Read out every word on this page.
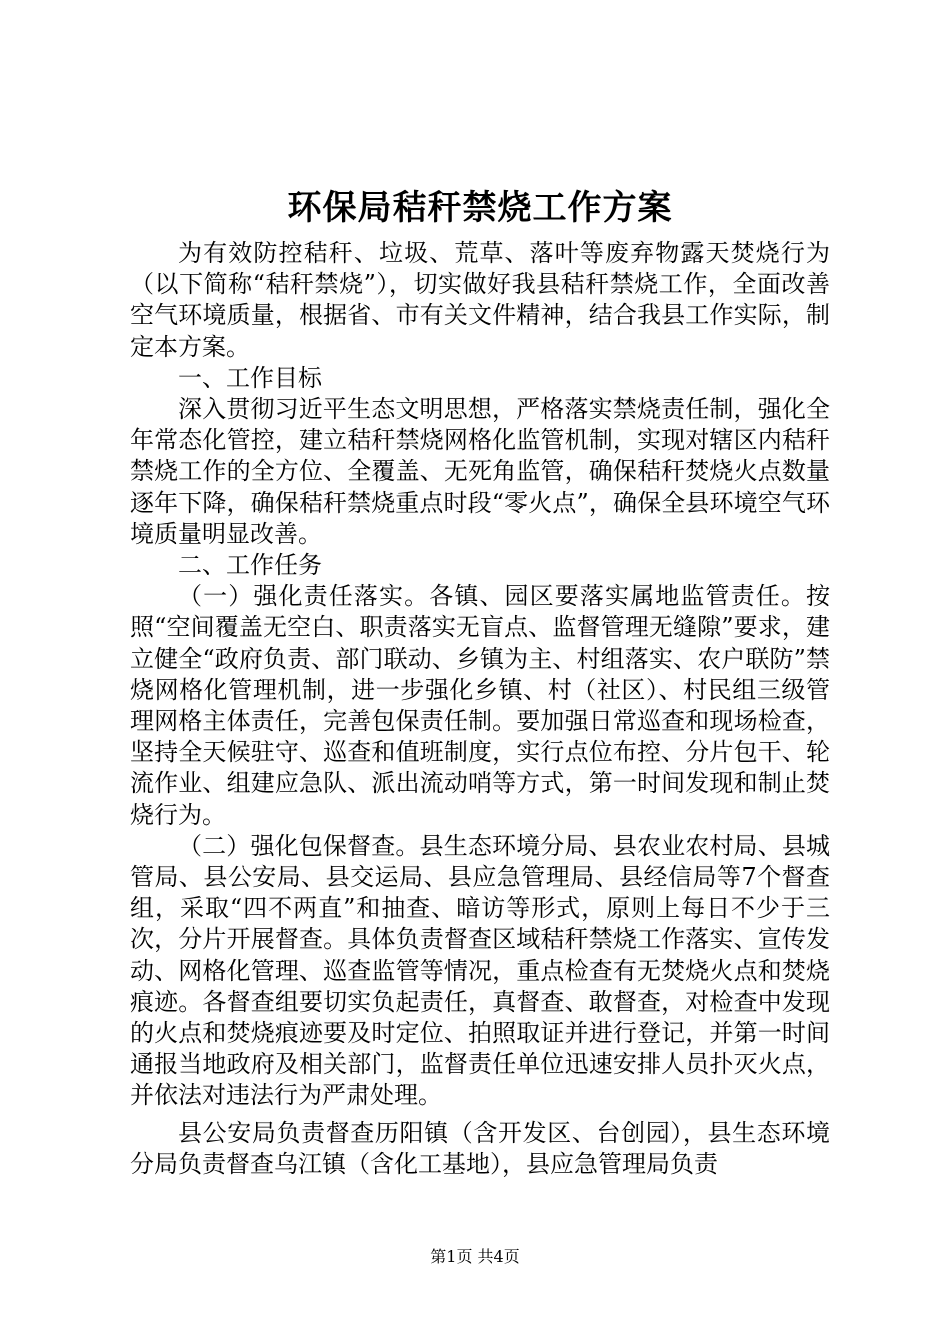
环保局秸秆禁烧工作方案

为有效防控秸秆、垃圾、荒草、落叶等废弃物露天焚烧行为（以下简称“秸秆禁烧”），切实做好我县秸秆禁烧工作，全面改善空气环境质量，根据省、市有关文件精神，结合我县工作实际，制定本方案。

一、工作目标

深入贯彻习近平生态文明思想，严格落实禁烧责任制，强化全年常态化管控，建立秸秆禁烧网格化监管机制，实现对辖区内秸秆禁烧工作的全方位、全覆盖、无死角监管，确保秸秆焚烧火点数量逐年下降，确保秸秆禁烧重点时段“零火点”，确保全县环境空气环境质量明显改善。

二、工作任务

（一）强化责任落实。各镇、园区要落实属地监管责任。按照“空间覆盖无空白、职责落实无盲点、监督管理无缝隙”要求，建立健全“政府负责、部门联动、乡镇为主、村组落实、农户联防”禁烧网格化管理机制，进一步强化乡镇、村（社区）、村民组三级管理网格主体责任，完善包保责任制。要加强日常巡查和现场检查，坚持全天候驻守、巡查和值班制度，实行点位布控、分片包干、轮流作业、组建应急队、派出流动哨等方式，第一时间发现和制止焚烧行为。

（二）强化包保督查。县生态环境分局、县农业农村局、县城管局、县公安局、县交运局、县应急管理局、县经信局等7个督查组，采取“四不两直”和抽查、暗访等形式，原则上每日不少于三次，分片开展督查。具体负责督查区域秸秆禁烧工作落实、宣传发动、网格化管理、巡查监管等情况，重点检查有无焚烧火点和焚烧痕迹。各督查组要切实负起责任，真督查、敢督查，对检查中发现的火点和焚烧痕迹要及时定位、拍照取证并进行登记，并第一时间通报当地政府及相关部门，监督责任单位迅速安排人员扑灭火点，并依法对违法行为严肃处理。

县公安局负责督查历阳镇（含开发区、台创园），县生态环境分局负责督查乌江镇（含化工基地），县应急管理局负责

第1页 共4页
